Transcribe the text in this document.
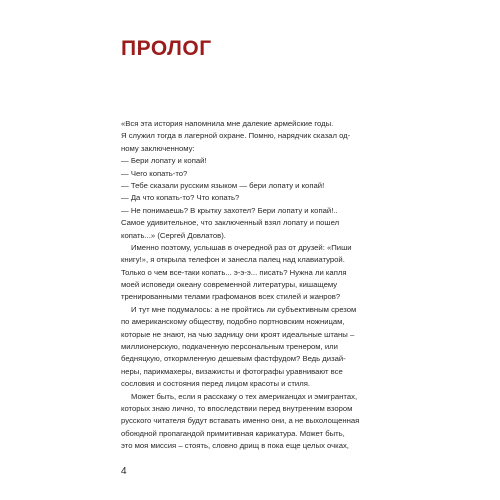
ПРОЛОГ
«Вся эта история напомнила мне далекие армейские годы.
Я служил тогда в лагерной охране. Помню, нарядчик сказал од-
ному заключенному:
— Бери лопату и копай!
— Чего копать-то?
— Тебе сказали русским языком — бери лопату и копай!
— Да что копать-то? Что копать?
— Не понимаешь? В крытку захотел? Бери лопату и копай!..
Самое удивительное, что заключенный взял лопату и пошел
копать...» (Сергей Довлатов).
Именно поэтому, услышав в очередной раз от друзей: «Пиши
книгу!», я открыла телефон и занесла палец над клавиатурой.
Только о чем все-таки копать... э-э-э... писать? Нужна ли капля
моей исповеди океану современной литературы, кишащему
тренированными телами графоманов всех стилей и жанров?
И тут мне подумалось: а не пройтись ли субъективным срезом
по американскому обществу, подобно портновским ножницам,
которые не знают, на чью задницу они кроят идеальные штаны –
миллионерскую, подкаченную персональным тренером, или
бедняцкую, откормленную дешевым фастфудом? Ведь дизай-
неры, парикмахеры, визажисты и фотографы уравнивают все
сословия и состояния перед лицом красоты и стиля.
Может быть, если я расскажу о тех американцах и эмигрантах,
которых знаю лично, то впоследствии перед внутренним взором
русского читателя будут вставать именно они, а не выхолощенная
обоюдной пропагандой примитивная карикатура. Может быть,
это моя миссия – стоять, словно дрищ в пока еще целых очках,
4
